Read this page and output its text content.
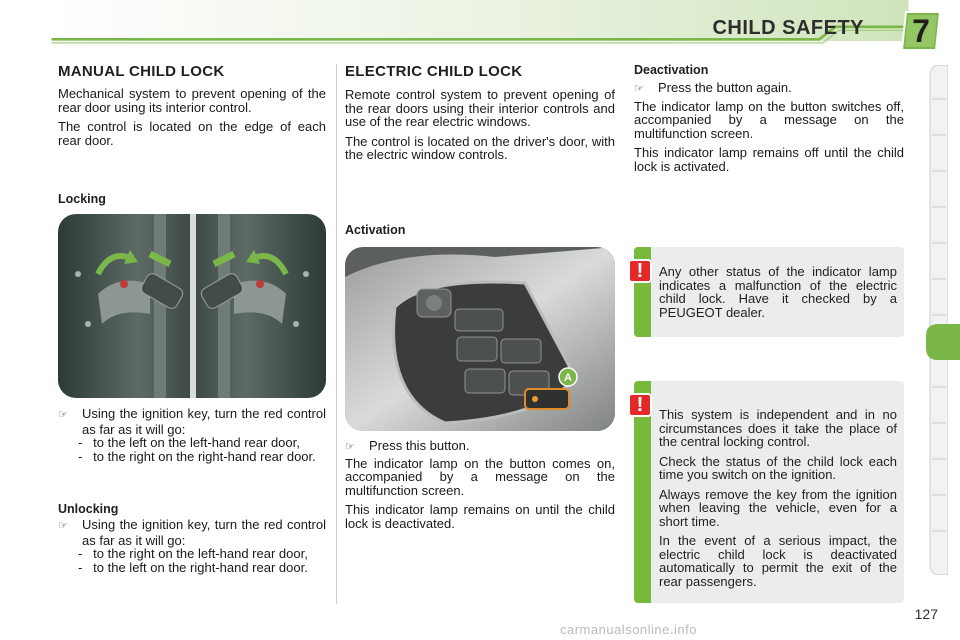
CHILD SAFETY	7
MANUAL CHILD LOCK

Mechanical system to prevent opening of the rear door using its interior control.

The control is located on the edge of each rear door.

Locking

☞ Using the ignition key, turn the red control as far as it will go:

-   to the left on the left-hand rear door,

-   to the right on the right-hand rear door.

Unlocking

☞ Using the ignition key, turn the red control as far as it will go:

-   to the right on the left-hand rear door,

-   to the left on the right-hand rear door.

ELECTRIC CHILD LOCK

Remote control system to prevent opening of the rear doors using their interior controls and use of the rear electric windows.

The control is located on the driver's door, with the electric window controls.

Activation
A

☞ Press this button.

The indicator lamp on the button comes on, accompanied by a message on the multifunction screen.

This indicator lamp remains on until the child lock is deactivated.

Deactivation

☞ Press the button again.

The indicator lamp on the button switches off, accompanied by a message on the multifunction screen.

This indicator lamp remains off until the child lock is activated.

Any other status of the indicator lamp indicates a malfunction of the electric child lock. Have it checked by a PEUGEOT dealer.
!

This system is independent and in no circumstances does it take the place of the central locking control.

Check the status of the child lock each time you switch on the ignition.

Always remove the key from the ignition when leaving the vehicle, even for a short time.

In the event of a serious impact, the electric child lock is deactivated automatically to permit the exit of the rear passengers.

!
127
carmanualsonline.info
